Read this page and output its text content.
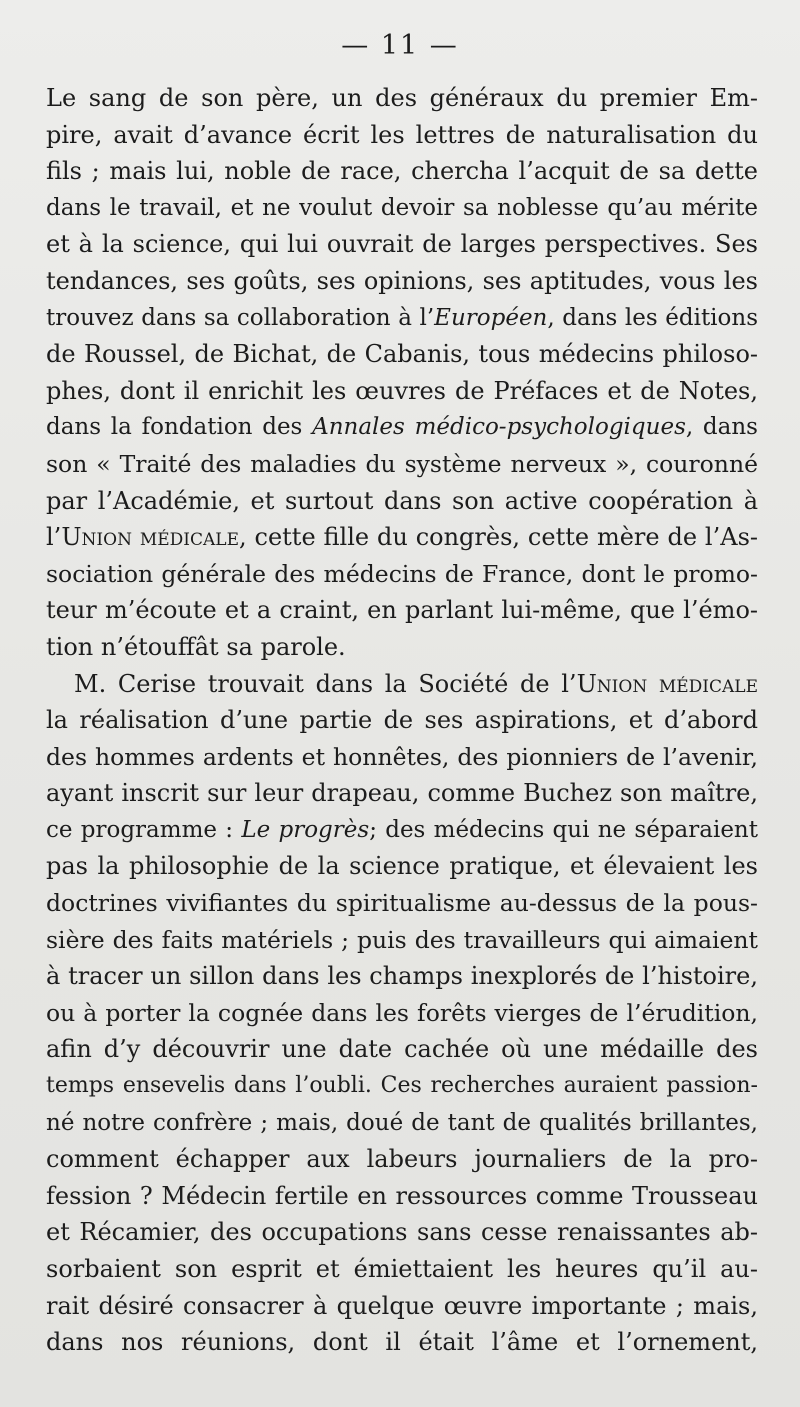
— 11 —
Le sang de son père, un des généraux du premier Em-
pire, avait d’avance écrit les lettres de naturalisation du
fils ; mais lui, noble de race, chercha l’acquit de sa dette
dans le travail, et ne voulut devoir sa noblesse qu’au mérite
et à la science, qui lui ouvrait de larges perspectives. Ses
tendances, ses goûts, ses opinions, ses aptitudes, vous les
trouvez dans sa collaboration à l’Européen, dans les éditions
de Roussel, de Bichat, de Cabanis, tous médecins philoso-
phes, dont il enrichit les œuvres de Préfaces et de Notes,
dans la fondation des Annales médico-psychologiques, dans
son « Traité des maladies du système nerveux », couronné
par l’Académie, et surtout dans son active coopération à
l’Union médicale, cette fille du congrès, cette mère de l’As-
sociation générale des médecins de France, dont le promo-
teur m’écoute et a craint, en parlant lui-même, que l’émo-
tion n’étouffât sa parole.
M. Cerise trouvait dans la Société de l’Union médicale
la réalisation d’une partie de ses aspirations, et d’abord
des hommes ardents et honnêtes, des pionniers de l’avenir,
ayant inscrit sur leur drapeau, comme Buchez son maître,
ce programme : Le progrès; des médecins qui ne séparaient
pas la philosophie de la science pratique, et élevaient les
doctrines vivifiantes du spiritualisme au-dessus de la pous-
sière des faits matériels ; puis des travailleurs qui aimaient
à tracer un sillon dans les champs inexplorés de l’histoire,
ou à porter la cognée dans les forêts vierges de l’érudition,
afin d’y découvrir une date cachée où une médaille des
temps ensevelis dans l’oubli. Ces recherches auraient passion-
né notre confrère ; mais, doué de tant de qualités brillantes,
comment échapper aux labeurs journaliers de la pro-
fession ? Médecin fertile en ressources comme Trousseau
et Récamier, des occupations sans cesse renaissantes ab-
sorbaient son esprit et émiettaient les heures qu’il au-
rait désiré consacrer à quelque œuvre importante ; mais,
dans nos réunions, dont il était l’âme et l’ornement,
